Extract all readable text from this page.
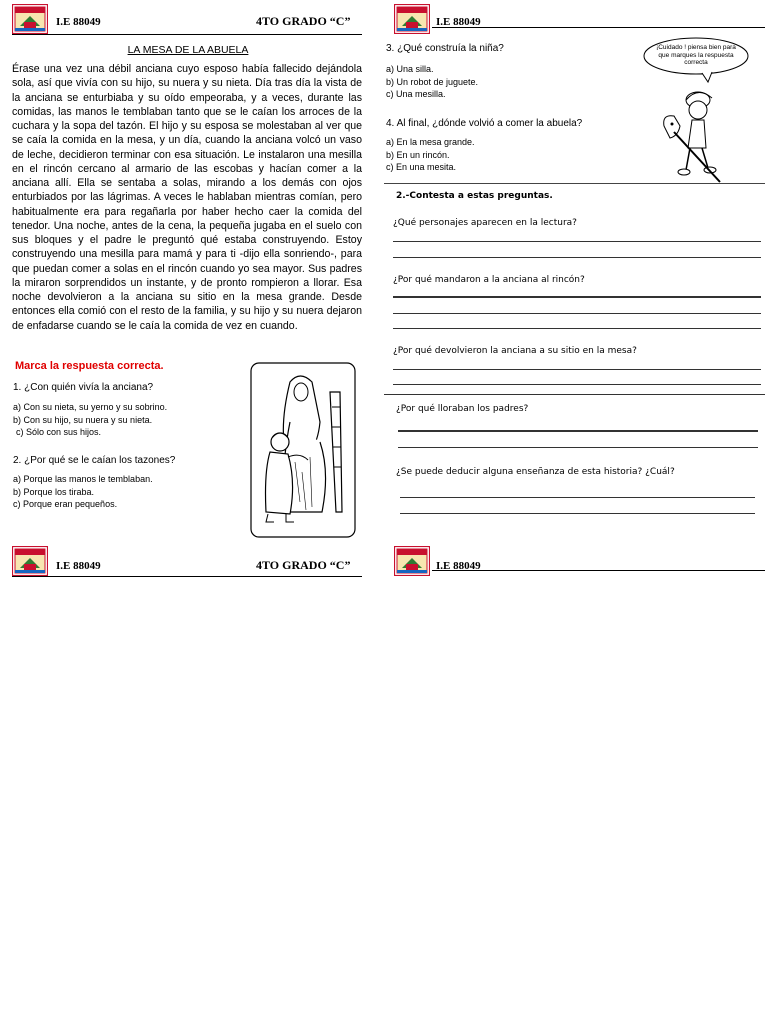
I.E 88049	4TO GRADO “C”	I.E 88049
LA MESA DE LA ABUELA
Érase una vez una débil anciana cuyo esposo había fallecido dejándola sola, así que vivía con su hijo, su nuera y su nieta. Día tras día la vista de la anciana se enturbiaba y su oído empeoraba, y a veces, durante las comidas, las manos le temblaban tanto que se le caían los arroces de la cuchara y la sopa del tazón. El hijo y su esposa se molestaban al ver que se caía la comida en la mesa, y un día, cuando la anciana volcó un vaso de leche, decidieron terminar con esa situación. Le instalaron una mesilla en el rincón cercano al armario de las escobas y hacían comer a la anciana allí. Ella se sentaba a solas, mirando a los demás con ojos enturbiados por las lágrimas. A veces le hablaban mientras comían, pero habitualmente era para regañarla por haber hecho caer la comida del tenedor. Una noche, antes de la cena, la pequeña jugaba en el suelo con sus bloques y el padre le preguntó qué estaba construyendo. Estoy construyendo una mesilla para mamá y para ti -dijo ella sonriendo-, para que puedan comer a solas en el rincón cuando yo sea mayor. Sus padres la miraron sorprendidos un instante, y de pronto rompieron a llorar. Esa noche devolvieron a la anciana su sitio en la mesa grande. Desde entonces ella comió con el resto de la familia, y su hijo y su nuera dejaron de enfadarse cuando se le caía la comida de vez en cuando.
Marca la respuesta correcta.
1. ¿Con quién vivía la anciana?
a) Con su nieta, su yerno y su sobrino.
b) Con su hijo, su nuera y su nieta.
c) Sólo con sus hijos.
2. ¿Por qué se le caían los tazones?
a) Porque las manos le temblaban.
b) Porque los tiraba.
c) Porque eran pequeños.
3. ¿Qué construía la niña?
a) Una silla.
b) Un robot de juguete.
c) Una mesilla.
4. Al final, ¿dónde volvió a comer la abuela?
a) En la mesa grande.
b) En un rincón.
c) En una mesita.
¡Cuidado ! piensa bien para que marques la respuesta correcta
2.-Contesta a estas preguntas.
¿Qué personajes aparecen en la lectura?
¿Por qué mandaron a la anciana al rincón?
¿Por qué devolvieron la anciana a su sitio en la mesa?
¿Por qué lloraban los padres?
¿Se puede deducir alguna enseñanza de esta historia? ¿Cuál?
I.E 88049	4TO GRADO “C”	I.E 88049
